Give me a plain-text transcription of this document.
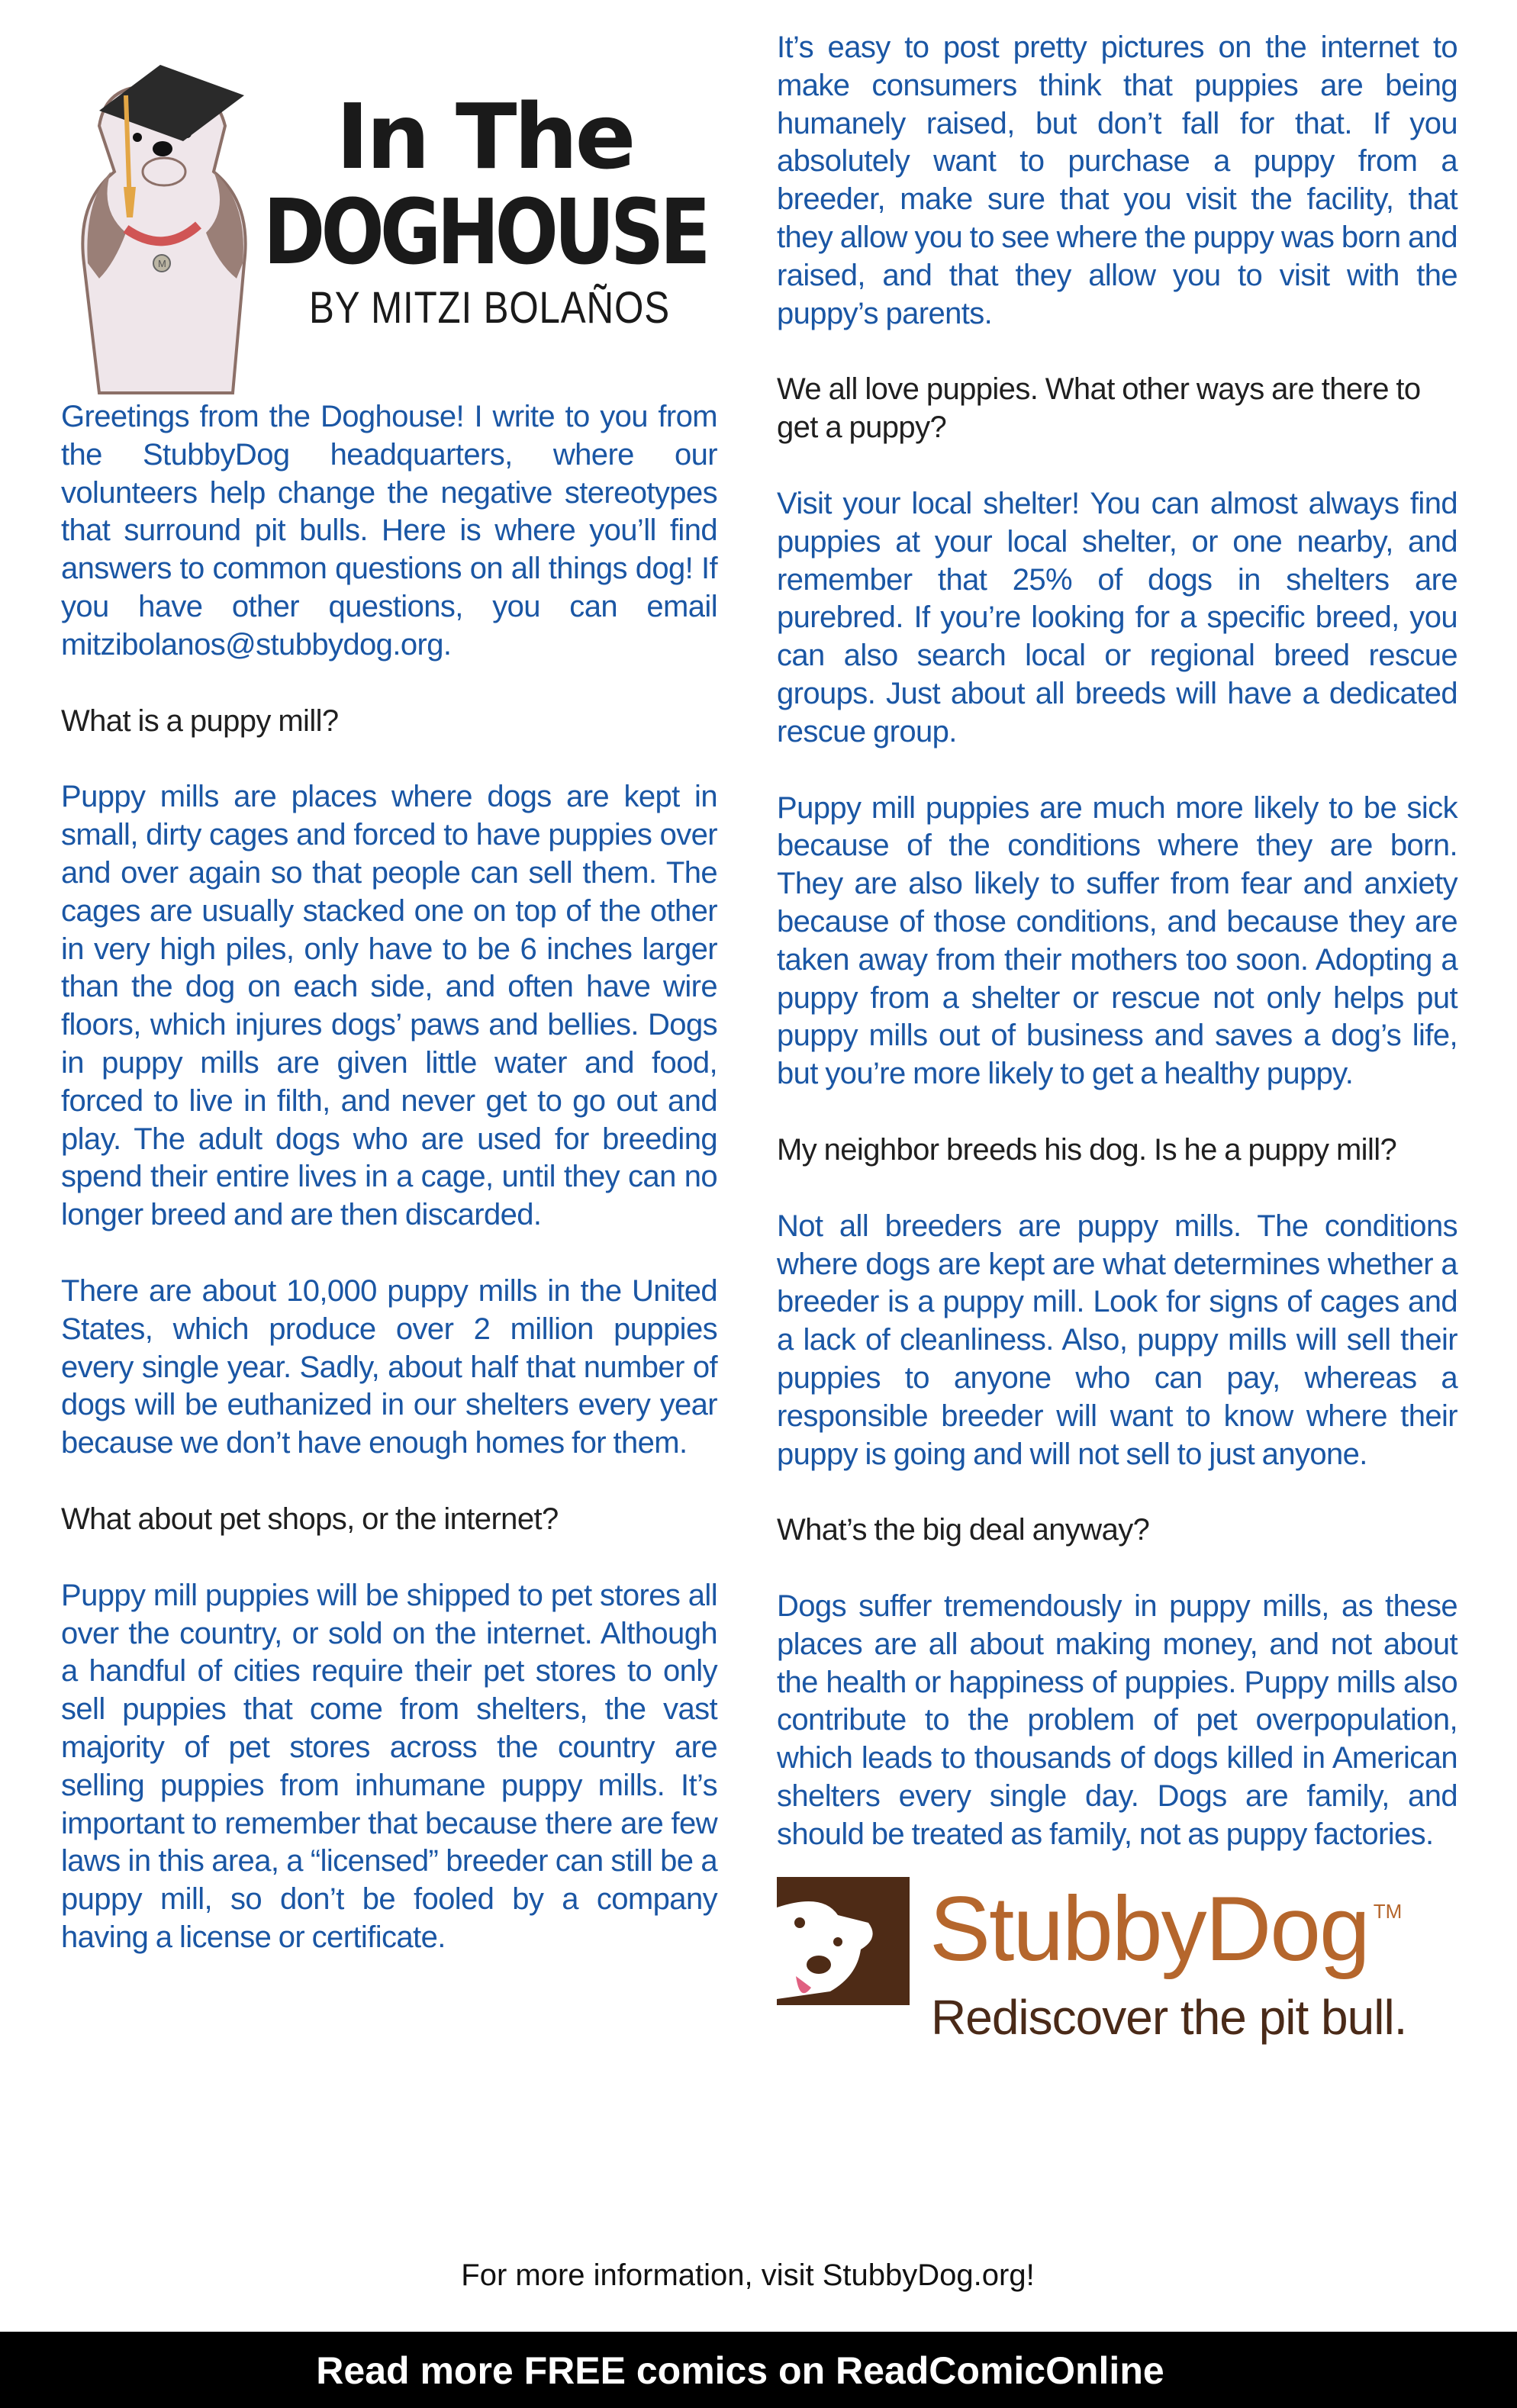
M
In The
DOGHOUSE
BY MITZI BOLAÑOS

Greetings from the Doghouse! I write to you from the StubbyDog headquarters, where our volunteers help change the negative stereotypes that surround pit bulls. Here is where you’ll find answers to common questions on all things dog! If you have other questions, you can email mitzibolanos@stubbydog.org.

What is a puppy mill?

Puppy mills are places where dogs are kept in small, dirty cages and forced to have puppies over and over again so that people can sell them. The cages are usually stacked one on top of the other in very high piles, only have to be 6 inches larger than the dog on each side, and often have wire floors, which injures dogs’ paws and bellies. Dogs in puppy mills are given little water and food, forced to live in filth, and never get to go out and play. The adult dogs who are used for breeding spend their entire lives in a cage, until they can no longer breed and are then discarded.

There are about 10,000 puppy mills in the United States, which produce over 2 million puppies every single year. Sadly, about half that number of dogs will be euthanized in our shelters every year because we don’t have enough homes for them.

What about pet shops, or the internet?

Puppy mill puppies will be shipped to pet stores all over the country, or sold on the internet. Although a handful of cities require their pet stores to only sell puppies that come from shelters, the vast majority of pet stores across the country are selling puppies from inhumane puppy mills. It’s important to remember that because there are few laws in this area, a “licensed” breeder can still be a puppy mill, so don’t be fooled by a company having a license or certificate.

It’s easy to post pretty pictures on the internet to make consumers think that puppies are being humanely raised, but don’t fall for that. If you absolutely want to purchase a puppy from a breeder, make sure that you visit the facility, that they allow you to see where the puppy was born and raised, and that they allow you to visit with the puppy’s parents.

We all love puppies. What other ways are there to get a puppy?

Visit your local shelter! You can almost always find puppies at your local shelter, or one nearby, and remember that 25% of dogs in shelters are purebred. If you’re looking for a specific breed, you can also search local or regional breed rescue groups. Just about all breeds will have a dedicated rescue group.

Puppy mill puppies are much more likely to be sick because of the conditions where they are born. They are also likely to suffer from fear and anxiety because of those conditions, and because they are taken away from their mothers too soon. Adopting a puppy from a shelter or rescue not only helps put puppy mills out of business and saves a dog’s life, but you’re more likely to get a healthy puppy.

My neighbor breeds his dog. Is he a puppy mill?

Not all breeders are puppy mills. The conditions where dogs are kept are what determines whether a breeder is a puppy mill. Look for signs of cages and a lack of cleanliness. Also, puppy mills will sell their puppies to anyone who can pay, whereas a responsible breeder will want to know where their puppy is going and will not sell to just anyone.

What’s the big deal anyway?

Dogs suffer tremendously in puppy mills, as these places are all about making money, and not about the health or happiness of puppies. Puppy mills also contribute to the problem of pet overpopulation, which leads to thousands of dogs killed in American shelters every single day. Dogs are family, and should be treated as family, not as puppy factories.

StubbyDog ™
Rediscover the pit bull.
For more information, visit StubbyDog.org!
Read more FREE comics on ReadComicOnline
